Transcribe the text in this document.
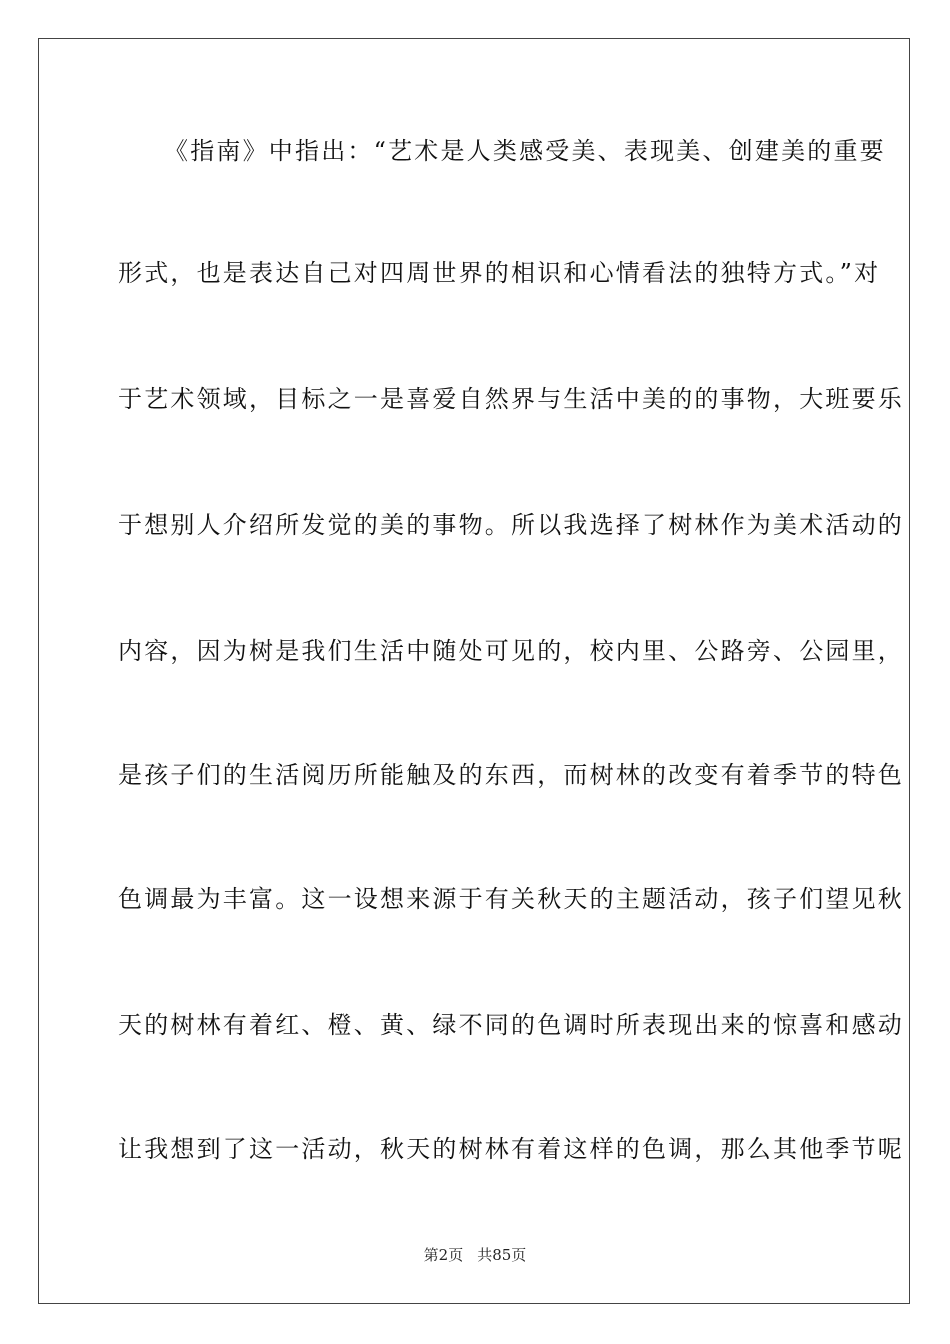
《指南》中指出：“艺术是人类感受美、表现美、创建美的重要
形式，也是表达自己对四周世界的相识和心情看法的独特方式。”对
于艺术领域，目标之一是喜爱自然界与生活中美的的事物，大班要乐
于想别人介绍所发觉的美的事物。所以我选择了树林作为美术活动的
内容，因为树是我们生活中随处可见的，校内里、公路旁、公园里，
是孩子们的生活阅历所能触及的东西，而树林的改变有着季节的特色
色调最为丰富。这一设想来源于有关秋天的主题活动，孩子们望见秋
天的树林有着红、橙、黄、绿不同的色调时所表现出来的惊喜和感动
让我想到了这一活动，秋天的树林有着这样的色调，那么其他季节呢
第2页 共85页
